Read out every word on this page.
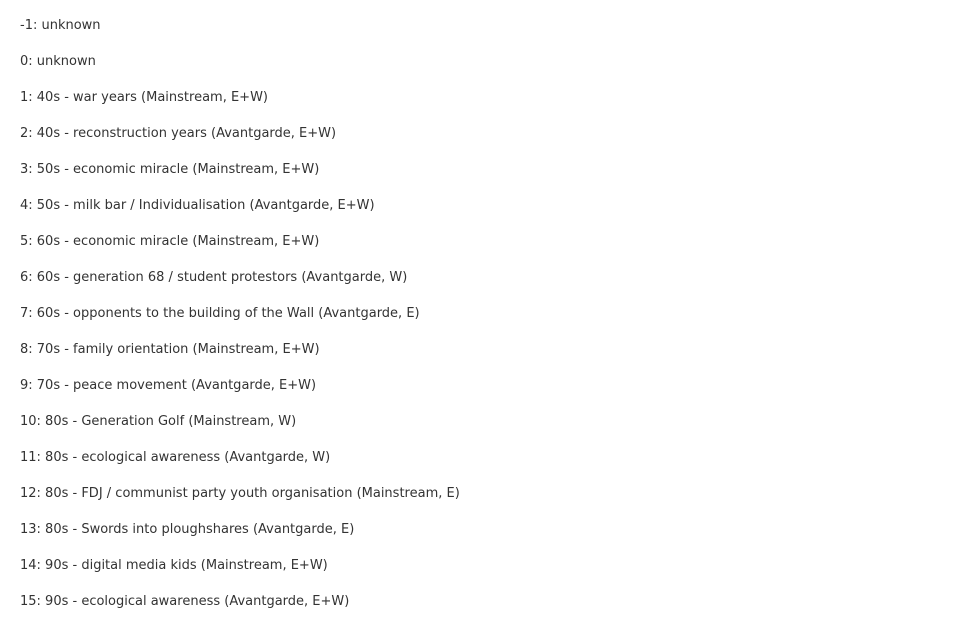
-1: unknown
0: unknown
1: 40s - war years (Mainstream, E+W)
2: 40s - reconstruction years (Avantgarde, E+W)
3: 50s - economic miracle (Mainstream, E+W)
4: 50s - milk bar / Individualisation (Avantgarde, E+W)
5: 60s - economic miracle (Mainstream, E+W)
6: 60s - generation 68 / student protestors (Avantgarde, W)
7: 60s - opponents to the building of the Wall (Avantgarde, E)
8: 70s - family orientation (Mainstream, E+W)
9: 70s - peace movement (Avantgarde, E+W)
10: 80s - Generation Golf (Mainstream, W)
11: 80s - ecological awareness (Avantgarde, W)
12: 80s - FDJ / communist party youth organisation (Mainstream, E)
13: 80s - Swords into ploughshares (Avantgarde, E)
14: 90s - digital media kids (Mainstream, E+W)
15: 90s - ecological awareness (Avantgarde, E+W)
